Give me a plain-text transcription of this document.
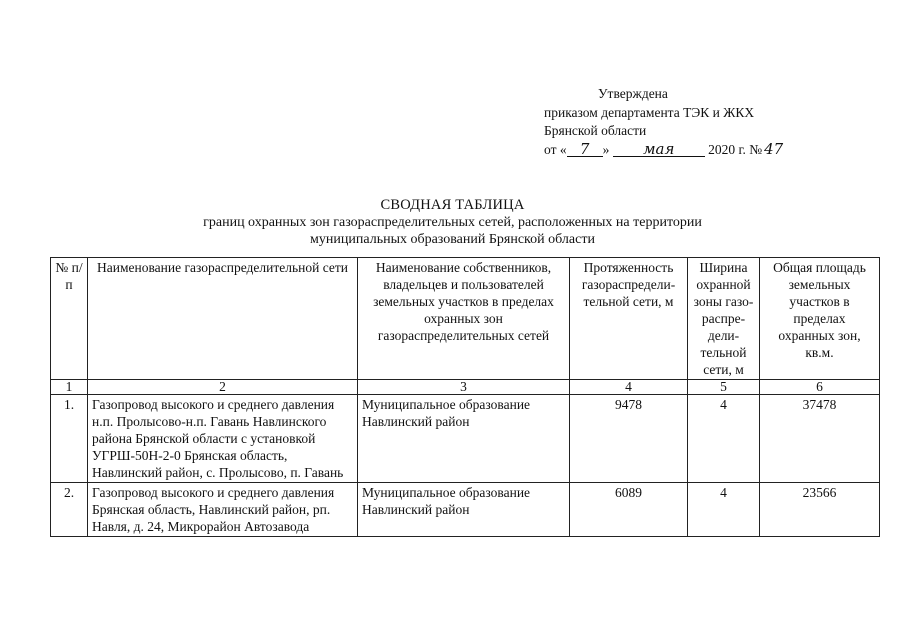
Утверждена
приказом департамента ТЭК и ЖКХ
Брянской области
от « 7 » мая 2020 г. № 47
СВОДНАЯ ТАБЛИЦА
границ охранных зон газораспределительных сетей, расположенных на территории
муниципальных образований Брянской области
№ п/п	Наименование газораспределительной сети	Наименование собственников, владельцев и пользователей земельных участков в пределах охранных зон газораспределительных сетей	Протяженность газораспредели-тельной сети, м	Ширина охранной зоны газо-распре-дели-тельной сети, м	Общая площадь земельных участков в пределах охранных зон, кв.м.
1	2	3	4	5	6
1.	Газопровод высокого и среднего давления н.п. Пролысово-н.п. Гавань Навлинского района Брянской области с установкой УГРШ-50Н-2-0 Брянская область, Навлинский район, с. Пролысово, п. Гавань	Муниципальное образование Навлинский район	9478	4	37478
2.	Газопровод высокого и среднего давления Брянская область, Навлинский район, рп. Навля, д. 24, Микрорайон Автозавода	Муниципальное образование Навлинский район	6089	4	23566
